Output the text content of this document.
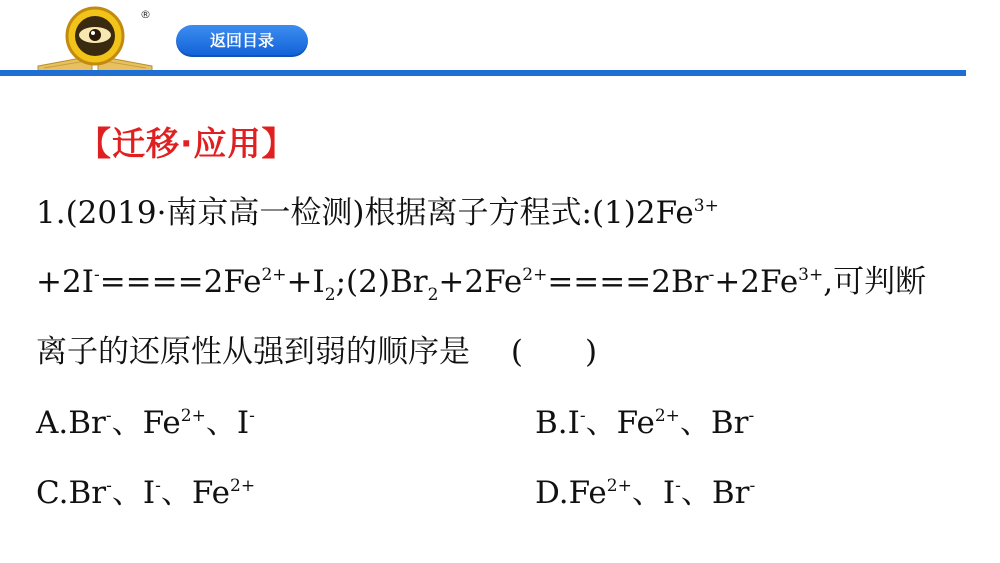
®
返回目录
【迁移·应用】
1.(2019·南京高一检测)根据离子方程式$:(1)2Fe^{3+}$
$+2I^-====2Fe^{2+}+I_2;(2)Br_2+2Fe^{2+}====2Br^-+2Fe^{3+}$,可判断
离子的还原性从强到弱的顺序是　 (　　)
A.Br-、$Fe^{2+}$、I-	B.I-、$Fe^{2+}$、Br-
C.Br-、I-、$Fe^{2+}$	$D.Fe^{2+}$、I-、Br-
